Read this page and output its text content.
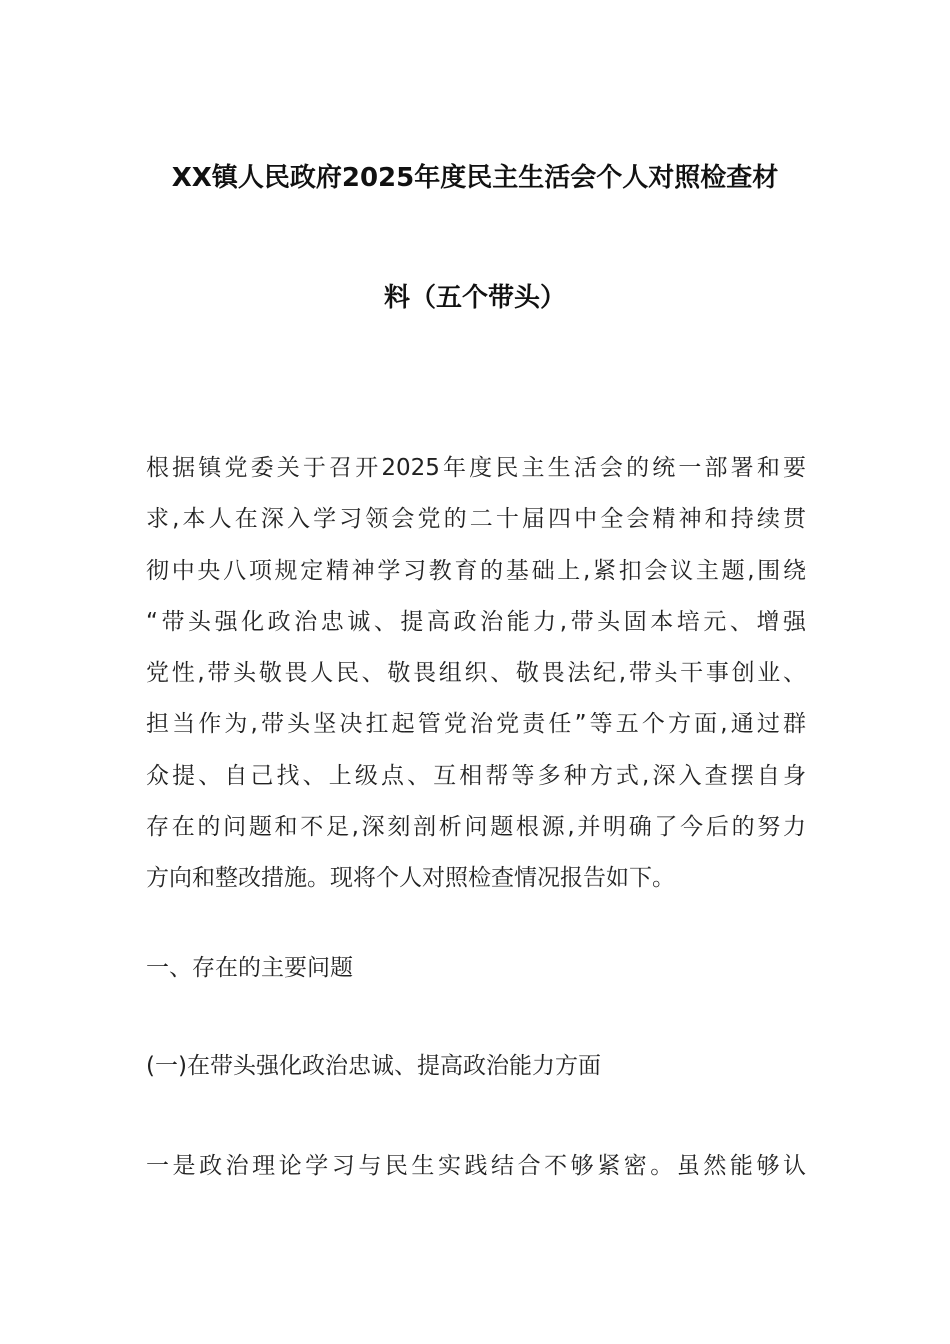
XX镇人民政府2025年度民主生活会个人对照检查材
料（五个带头）
根据镇党委关于召开2025年度民主生活会的统一部署和要
求,本人在深入学习领会党的二十届四中全会精神和持续贯
彻中央八项规定精神学习教育的基础上,紧扣会议主题,围绕
“带头强化政治忠诚、提高政治能力,带头固本培元、增强
党性,带头敬畏人民、敬畏组织、敬畏法纪,带头干事创业、
担当作为,带头坚决扛起管党治党责任”等五个方面,通过群
众提、自己找、上级点、互相帮等多种方式,深入查摆自身
存在的问题和不足,深刻剖析问题根源,并明确了今后的努力
方向和整改措施。现将个人对照检查情况报告如下。
一、存在的主要问题
(一)在带头强化政治忠诚、提高政治能力方面
一是政治理论学习与民生实践结合不够紧密。虽然能够认
